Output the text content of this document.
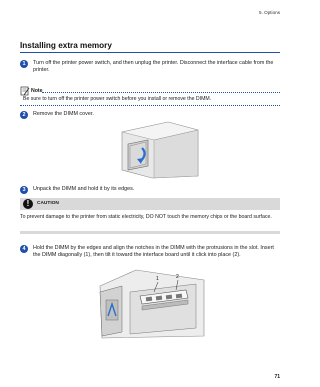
5. Options
Installing extra memory
1	Turn off the printer power switch, and then unplug the printer. Disconnect the interface cable from the printer.
Note
Be sure to turn off the printer power switch before you install or remove the DIMM.
2	Remove the DIMM cover.
3	Unpack the DIMM and hold it by its edges.
!	CAUTION
To prevent damage to the printer from static electricity, DO NOT touch the memory chips or the board surface.
4	Hold the DIMM by the edges and align the notches in the DIMM with the protrusions in the slot. Insert the DIMM diagonally (1), then tilt it toward the interface board until it click into place (2).
1	2
71
